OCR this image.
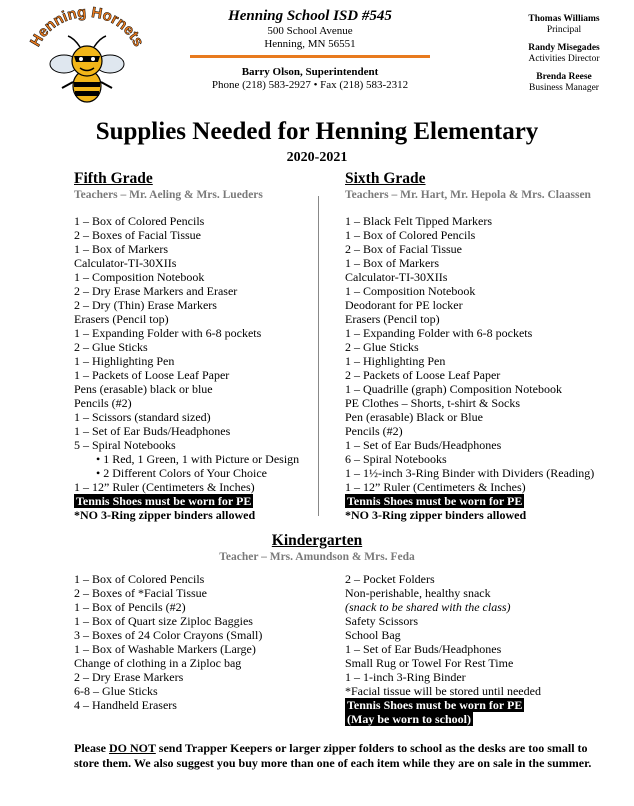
Henning Hornets
Henning School ISD #545
500 School Avenue
Henning, MN 56551
Barry Olson, Superintendent
Phone (218) 583-2927 • Fax (218) 583-2312
Thomas Williams
Principal
Randy Misegades
Activities Director
Brenda Reese
Business Manager
Supplies Needed for Henning Elementary
2020-2021
Fifth Grade
Teachers – Mr. Aeling & Mrs. Lueders
1 – Box of Colored Pencils
2 – Boxes of Facial Tissue
1 – Box of Markers
Calculator-TI-30XIIs
1 – Composition Notebook
2 – Dry Erase Markers and Eraser
2 – Dry (Thin) Erase Markers
Erasers (Pencil top)
1 – Expanding Folder with 6-8 pockets
2 – Glue Sticks
1 – Highlighting Pen
1 – Packets of Loose Leaf Paper
Pens (erasable) black or blue
Pencils (#2)
1 – Scissors (standard sized)
1 – Set of Ear Buds/Headphones
5 – Spiral Notebooks
• 1 Red, 1 Green, 1 with Picture or Design
• 2 Different Colors of Your Choice
1 – 12” Ruler (Centimeters & Inches)
Tennis Shoes must be worn for PE
*NO 3-Ring zipper binders allowed
Sixth Grade
Teachers – Mr. Hart, Mr. Hepola & Mrs. Claassen
1 – Black Felt Tipped Markers
1 – Box of Colored Pencils
2 – Box of Facial Tissue
1 – Box of Markers
Calculator-TI-30XIIs
1 – Composition Notebook
Deodorant for PE locker
Erasers (Pencil top)
1 – Expanding Folder with 6-8 pockets
2 – Glue Sticks
1 – Highlighting Pen
2 – Packets of Loose Leaf Paper
1 – Quadrille (graph) Composition Notebook
PE Clothes – Shorts, t-shirt & Socks
Pen (erasable) Black or Blue
Pencils (#2)
1 – Set of Ear Buds/Headphones
6 – Spiral Notebooks
1 – 1½-inch 3-Ring Binder with Dividers (Reading)
1 – 12” Ruler (Centimeters & Inches)
Tennis Shoes must be worn for PE
*NO 3-Ring zipper binders allowed
Kindergarten
Teacher – Mrs. Amundson & Mrs. Feda
1 – Box of Colored Pencils
2 – Boxes of *Facial Tissue
1 – Box of Pencils (#2)
1 – Box of Quart size Ziploc Baggies
3 – Boxes of 24 Color Crayons (Small)
1 – Box of Washable Markers (Large)
Change of clothing in a Ziploc bag
2 – Dry Erase Markers
6-8 – Glue Sticks
4 – Handheld Erasers
2 – Pocket Folders
Non-perishable, healthy snack
(snack to be shared with the class)
Safety Scissors
School Bag
1 – Set of Ear Buds/Headphones
Small Rug or Towel For Rest Time
1 – 1-inch 3-Ring Binder
*Facial tissue will be stored until needed
Tennis Shoes must be worn for PE
(May be worn to school)
Please DO NOT send Trapper Keepers or larger zipper folders to school as the desks are too small to store them. We also suggest you buy more than one of each item while they are on sale in the summer.
